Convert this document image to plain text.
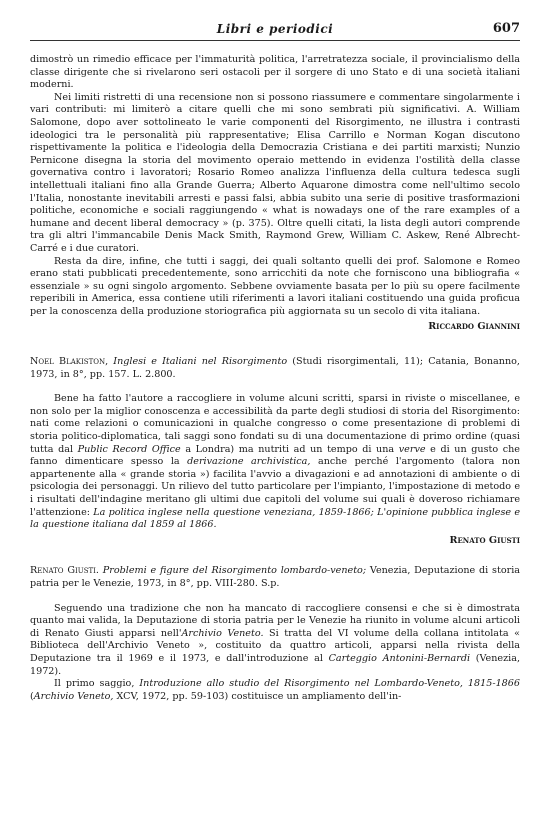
Libri e periodici	607

dimostrò un rimedio efficace per l'immaturità politica, l'arretratezza sociale, il provincialismo della classe dirigente che si rivelarono seri ostacoli per il sorgere di uno Stato e di una società italiani moderni.

Nei limiti ristretti di una recensione non si possono riassumere e commentare singolarmente i vari contributi: mi limiterò a citare quelli che mi sono sembrati più significativi. A. William Salomone, dopo aver sottolineato le varie componenti del Risorgimento, ne illustra i contrasti ideologici tra le personalità più rappresentative; Elisa Carrillo e Norman Kogan discutono rispettivamente la politica e l'ideologia della Democrazia Cristiana e dei partiti marxisti; Nunzio Pernicone disegna la storia del movimento operaio mettendo in evidenza l'ostilità della classe governativa contro i lavoratori; Rosario Romeo analizza l'influenza della cultura tedesca sugli intellettuali italiani fino alla Grande Guerra; Alberto Aquarone dimostra come nell'ultimo secolo l'Italia, nonostante inevitabili arresti e passi falsi, abbia subito una serie di positive trasformazioni politiche, economiche e sociali raggiungendo « what is nowadays one of the rare examples of a humane and decent liberal democracy » (p. 375). Oltre quelli citati, la lista degli autori comprende tra gli altri l'immancabile Denis Mack Smith, Raymond Grew, William C. Askew, René Albrecht-Carré e i due curatori.

Resta da dire, infine, che tutti i saggi, dei quali soltanto quelli dei prof. Salomone e Romeo erano stati pubblicati precedentemente, sono arricchiti da note che forniscono una bibliografia « essenziale » su ogni singolo argomento. Sebbene ovviamente basata per lo più su opere facilmente reperibili in America, essa contiene utili riferimenti a lavori italiani costituendo una guida proficua per la conoscenza della produzione storiografica più aggiornata su un secolo di vita italiana.

Riccardo Giannini

Noel Blakiston, Inglesi e Italiani nel Risorgimento (Studi risorgimentali, 11); Catania, Bonanno, 1973, in 8°, pp. 157. L. 2.800.

Bene ha fatto l'autore a raccogliere in volume alcuni scritti, sparsi in riviste o miscellanee, e non solo per la miglior conoscenza e accessibilità da parte degli studiosi di storia del Risorgimento: nati come relazioni o comunicazioni in qualche congresso o come presentazione di problemi di storia politico-diplomatica, tali saggi sono fondati su di una documentazione di primo ordine (quasi tutta dal Public Record Office a Londra) ma nutriti ad un tempo di una verve e di un gusto che fanno dimenticare spesso la derivazione archivistica, anche perché l'argomento (talora non appartenente alla « grande storia ») facilita l'avvio a divagazioni e ad annotazioni di ambiente o di psicologia dei personaggi. Un rilievo del tutto particolare per l'impianto, l'impostazione di metodo e i risultati dell'indagine meritano gli ultimi due capitoli del volume sui quali è doveroso richiamare l'attenzione: La politica inglese nella questione veneziana, 1859-1866; L'opinione pubblica inglese e la questione italiana dal 1859 al 1866.

Renato Giusti

Renato Giusti. Problemi e figure del Risorgimento lombardo-veneto; Venezia, Deputazione di storia patria per le Venezie, 1973, in 8°, pp. VIII-280. S.p.

Seguendo una tradizione che non ha mancato di raccogliere consensi e che si è dimostrata quanto mai valida, la Deputazione di storia patria per le Venezie ha riunito in volume alcuni articoli di Renato Giusti apparsi nell'Archivio Veneto. Si tratta del VI volume della collana intitolata « Biblioteca dell'Archivio Veneto », costituito da quattro articoli, apparsi nella rivista della Deputazione tra il 1969 e il 1973, e dall'introduzione al Carteggio Antonini-Bernardi (Venezia, 1972).

Il primo saggio, Introduzione allo studio del Risorgimento nel Lombardo-Veneto, 1815-1866 (Archivio Veneto, XCV, 1972, pp. 59-103) costituisce un ampliamento dell'in-
